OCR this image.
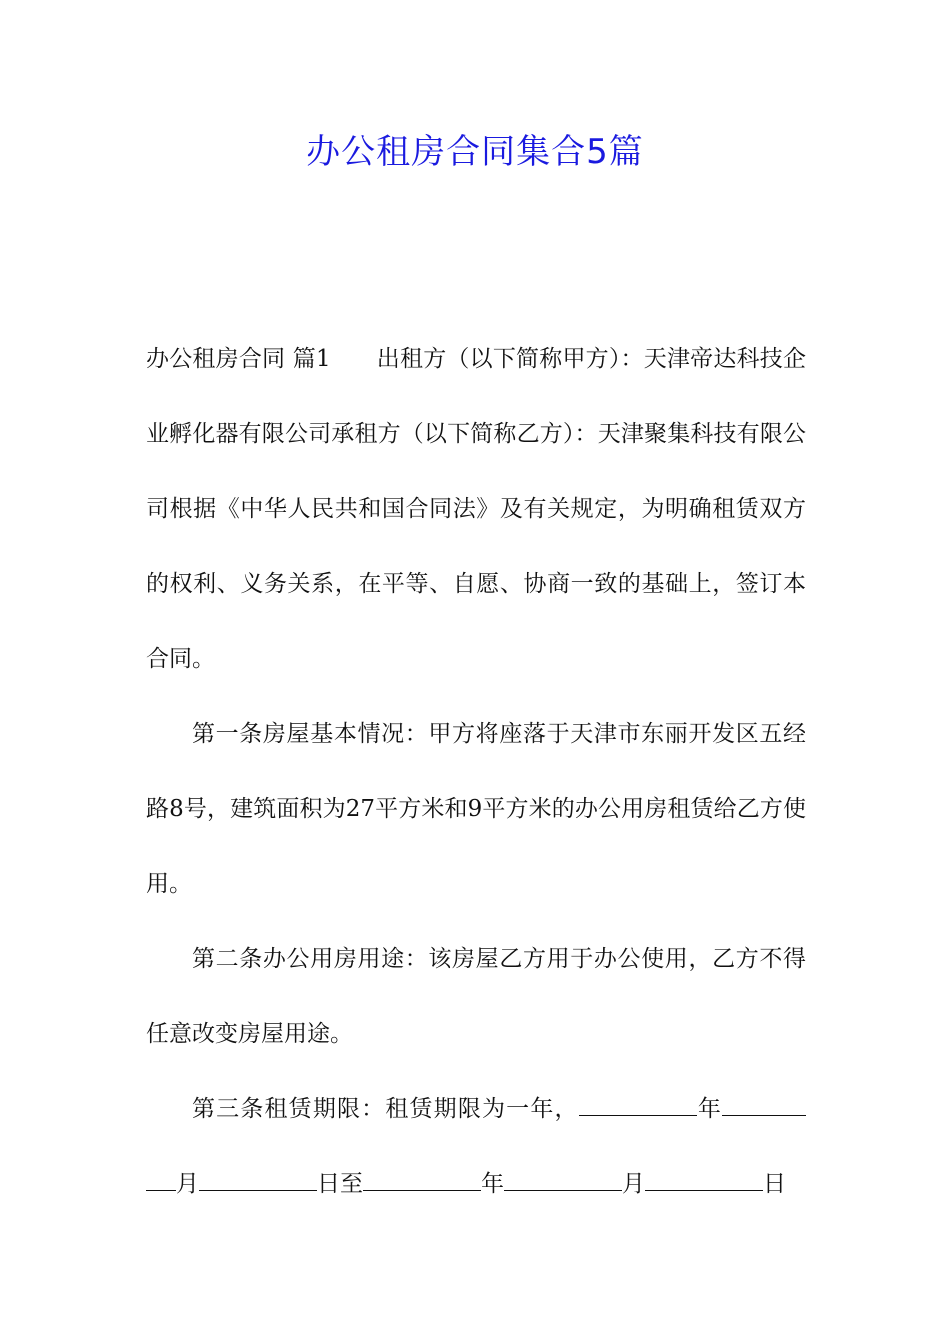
办公租房合同集合5篇

办公租房合同 篇1 出租方（以下简称甲方）：天津帝达科技企业孵化器有限公司承租方（以下简称乙方）：天津聚集科技有限公司根据《中华人民共和国合同法》及有关规定，为明确租赁双方的权利、义务关系，在平等、自愿、协商一致的基础上，签订本合同。

第一条房屋基本情况：甲方将座落于天津市东丽开发区五经路8号，建筑面积为27平方米和9平方米的办公用房租赁给乙方使用。

第二条办公用房用途：该房屋乙方用于办公使用，乙方不得任意改变房屋用途。

第三条租赁期限：租赁期限为一年，	年月	日至	年	月	日
